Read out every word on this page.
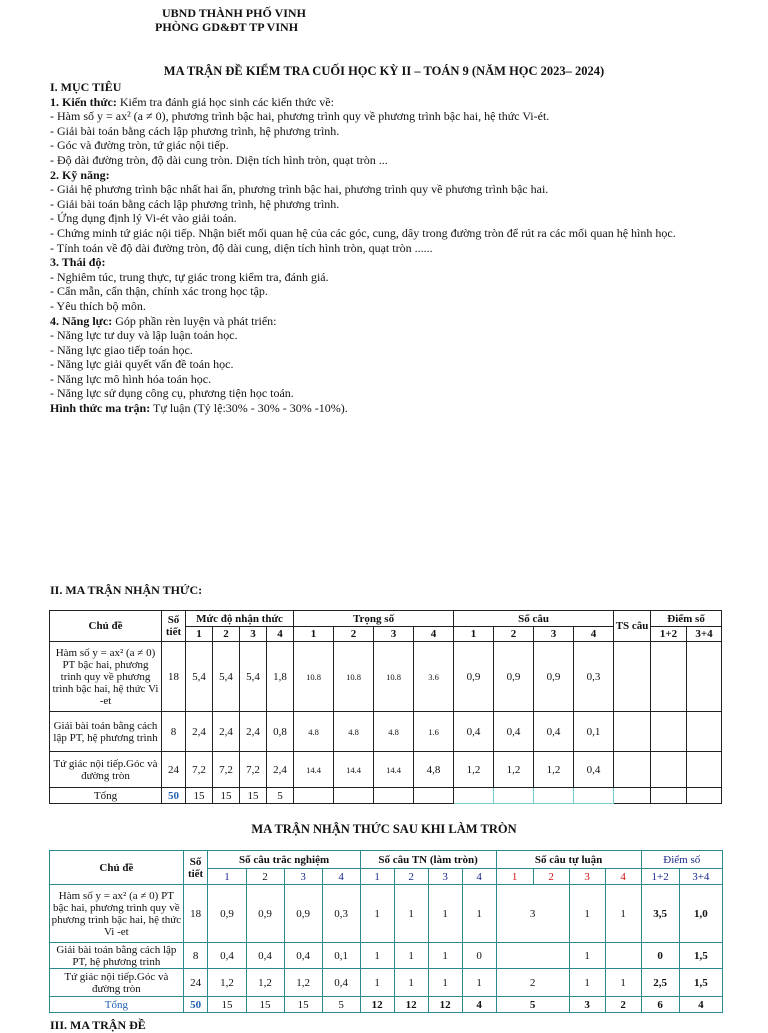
UBND THÀNH PHỐ VINH
PHÒNG GD&ĐT TP VINH
MA TRẬN ĐỀ KIỂM TRA CUỐI HỌC KỲ II – TOÁN 9 (NĂM HỌC 2023– 2024)
I. MỤC TIÊU
1. Kiến thức: Kiểm tra đánh giá học sinh các kiến thức về:
- Hàm số y = ax² (a ≠ 0), phương trình bậc hai, phương trình quy về phương trình bậc hai, hệ thức Vi-ét.
- Giải bài toán bằng cách lập phương trình, hệ phương trình.
- Góc và đường tròn, tứ giác nội tiếp.
- Độ dài đường tròn, độ dài cung tròn. Diện tích hình tròn, quạt tròn ...
2. Kỹ năng:
- Giải hệ phương trình bậc nhất hai ẩn, phương trình bậc hai, phương trình quy về phương trình bậc hai.
- Giải bài toán bằng cách lập phương trình, hệ phương trình.
- Ứng dụng định lý Vi-ét vào giải toán.
- Chứng minh tứ giác nội tiếp. Nhận biết mối quan hệ của các góc, cung, dây trong đường tròn để rút ra các mối quan hệ hình học.
- Tính toán về độ dài đường tròn, độ dài cung, diện tích hình tròn, quạt tròn ......
3. Thái độ:
- Nghiêm túc, trung thực, tự giác trong kiểm tra, đánh giá.
- Cẩn mẫn, cẩn thận, chính xác trong học tập.
- Yêu thích bộ môn.
4. Năng lực: Góp phần rèn luyện và phát triển:
- Năng lực tư duy và lập luận toán học.
- Năng lực giao tiếp toán học.
- Năng lực giải quyết vấn đề toán học.
- Năng lực mô hình hóa toán học.
- Năng lực sử dụng công cụ, phương tiện học toán.
Hình thức ma trận: Tự luận (Tỷ lệ:30% - 30% - 30% -10%).
II. MA TRẬN NHẬN THỨC:
Chủ đề	Số tiết	Mức độ nhận thức				Trọng số				Số câu				TS câu	Điểm số	
		1	2	3	4	1	2	3	4	1	2	3	4		1+2	3+4
Hàm số y = ax² (a ≠ 0) PT bậc hai, phương trình quy về phương trình bậc hai, hệ thức Vi -et	18	5,4	5,4	5,4	1,8	10.8	10.8	10.8	3.6	0,9	0,9	0,9	0,3			
Giải bài toán bằng cách lập PT, hệ phương trình	8	2,4	2,4	2,4	0,8	4.8	4.8	4.8	1.6	0,4	0,4	0,4	0,1			
Tứ giác nội tiếp.Góc và đường tròn	24	7,2	7,2	7,2	2,4	14.4	14.4	14.4	4,8	1,2	1,2	1,2	0,4			
Tổng	50	15	15	15	5											
MA TRẬN NHẬN THỨC SAU KHI LÀM TRÒN
Chủ đề	Số tiết	Số câu trắc nghiệm				Số câu TN (làm tròn)				Số câu tự luận				Điểm số	
		1	2	3	4	1	2	3	4	1	2	3	4	1+2	3+4
Hàm số y = ax² (a ≠ 0) PT bậc hai, phương trình quy về phương trình bậc hai, hệ thức Vi -et	18	0,9	0,9	0,9	0,3	1	1	1	1	3		1	1	3,5	1,0
Giải bài toán bằng cách lập PT, hệ phương trình	8	0,4	0,4	0,4	0,1	1	1	1	0			1		0	1,5
Tứ giác nội tiếp.Góc và đường tròn	24	1,2	1,2	1,2	0,4	1	1	1	1	2		1	1	2,5	1,5
Tổng	50	15	15	15	5	12	12	12	4	5		3	2	6	4
III. MA TRẬN ĐỀ
